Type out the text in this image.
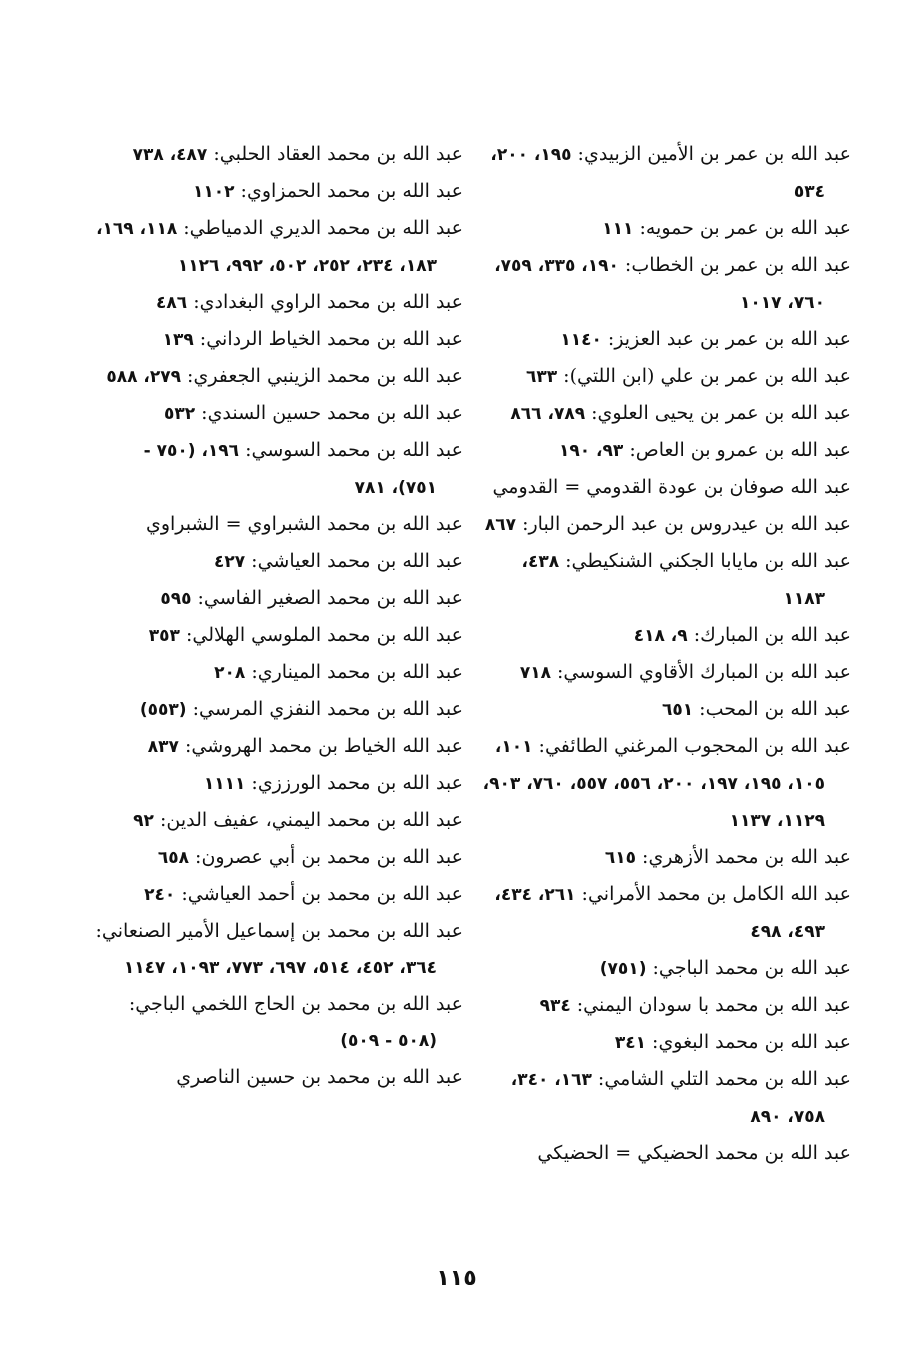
عبد الله بن عمر بن الأمين الزبيدي: ١٩٥، ٢٠٠، ٥٣٤

عبد الله بن عمر بن حمويه: ١١١

عبد الله بن عمر بن الخطاب: ١٩٠، ٣٣٥، ٧٥٩، ٧٦٠، ١٠١٧

عبد الله بن عمر بن عبد العزيز: ١١٤٠

عبد الله بن عمر بن علي (ابن اللتي): ٦٣٣

عبد الله بن عمر بن يحيى العلوي: ٧٨٩، ٨٦٦

عبد الله بن عمرو بن العاص: ٩٣، ١٩٠

عبد الله صوفان بن عودة القدومي = القدومي

عبد الله بن عيدروس بن عبد الرحمن البار: ٨٦٧

عبد الله بن مايابا الجكني الشنكيطي: ٤٣٨، ١١٨٣

عبد الله بن المبارك: ٩، ٤١٨

عبد الله بن المبارك الأقاوي السوسي: ٧١٨

عبد الله بن المحب: ٦٥١

عبد الله بن المحجوب المرغني الطائفي: ١٠١، ١٠٥، ١٩٥، ١٩٧، ٢٠٠، ٥٥٦، ٥٥٧، ٧٦٠، ٩٠٣، ١١٢٩، ١١٣٧

عبد الله بن محمد الأزهري: ٦١٥

عبد الله الكامل بن محمد الأمراني: ٢٦١، ٤٣٤، ٤٩٣، ٤٩٨

عبد الله بن محمد الباجي: (٧٥١)

عبد الله بن محمد با سودان اليمني: ٩٣٤

عبد الله بن محمد البغوي: ٣٤١

عبد الله بن محمد التلي الشامي: ١٦٣، ٣٤٠، ٧٥٨، ٨٩٠

عبد الله بن محمد الحضيكي = الحضيكي

عبد الله بن محمد العقاد الحلبي: ٤٨٧، ٧٣٨

عبد الله بن محمد الحمزاوي: ١١٠٢

عبد الله بن محمد الديري الدمياطي: ١١٨، ١٦٩، ١٨٣، ٢٣٤، ٢٥٢، ٥٠٢، ٩٩٢، ١١٢٦

عبد الله بن محمد الراوي البغدادي: ٤٨٦

عبد الله بن محمد الخياط الرداني: ١٣٩

عبد الله بن محمد الزينبي الجعفري: ٢٧٩، ٥٨٨

عبد الله بن محمد حسين السندي: ٥٣٢

عبد الله بن محمد السوسي: ١٩٦، (٧٥٠ - ٧٥١)، ٧٨١

عبد الله بن محمد الشبراوي = الشبراوي

عبد الله بن محمد العياشي: ٤٢٧

عبد الله بن محمد الصغير الفاسي: ٥٩٥

عبد الله بن محمد الملوسي الهلالي: ٣٥٣

عبد الله بن محمد الميناري: ٢٠٨

عبد الله بن محمد النفزي المرسي: (٥٥٣)

عبد الله الخياط بن محمد الهروشي: ٨٣٧

عبد الله بن محمد الورززي: ١١١١

عبد الله بن محمد اليمني، عفيف الدين: ٩٢

عبد الله بن محمد بن أبي عصرون: ٦٥٨

عبد الله بن محمد بن أحمد العياشي: ٢٤٠

عبد الله بن محمد بن إسماعيل الأمير الصنعاني: ٣٦٤، ٤٥٢، ٥١٤، ٦٩٧، ٧٧٣، ١٠٩٣، ١١٤٧

عبد الله بن محمد بن الحاج اللخمي الباجي: (٥٠٨ - ٥٠٩)

عبد الله بن محمد بن حسين الناصري

١١٥
